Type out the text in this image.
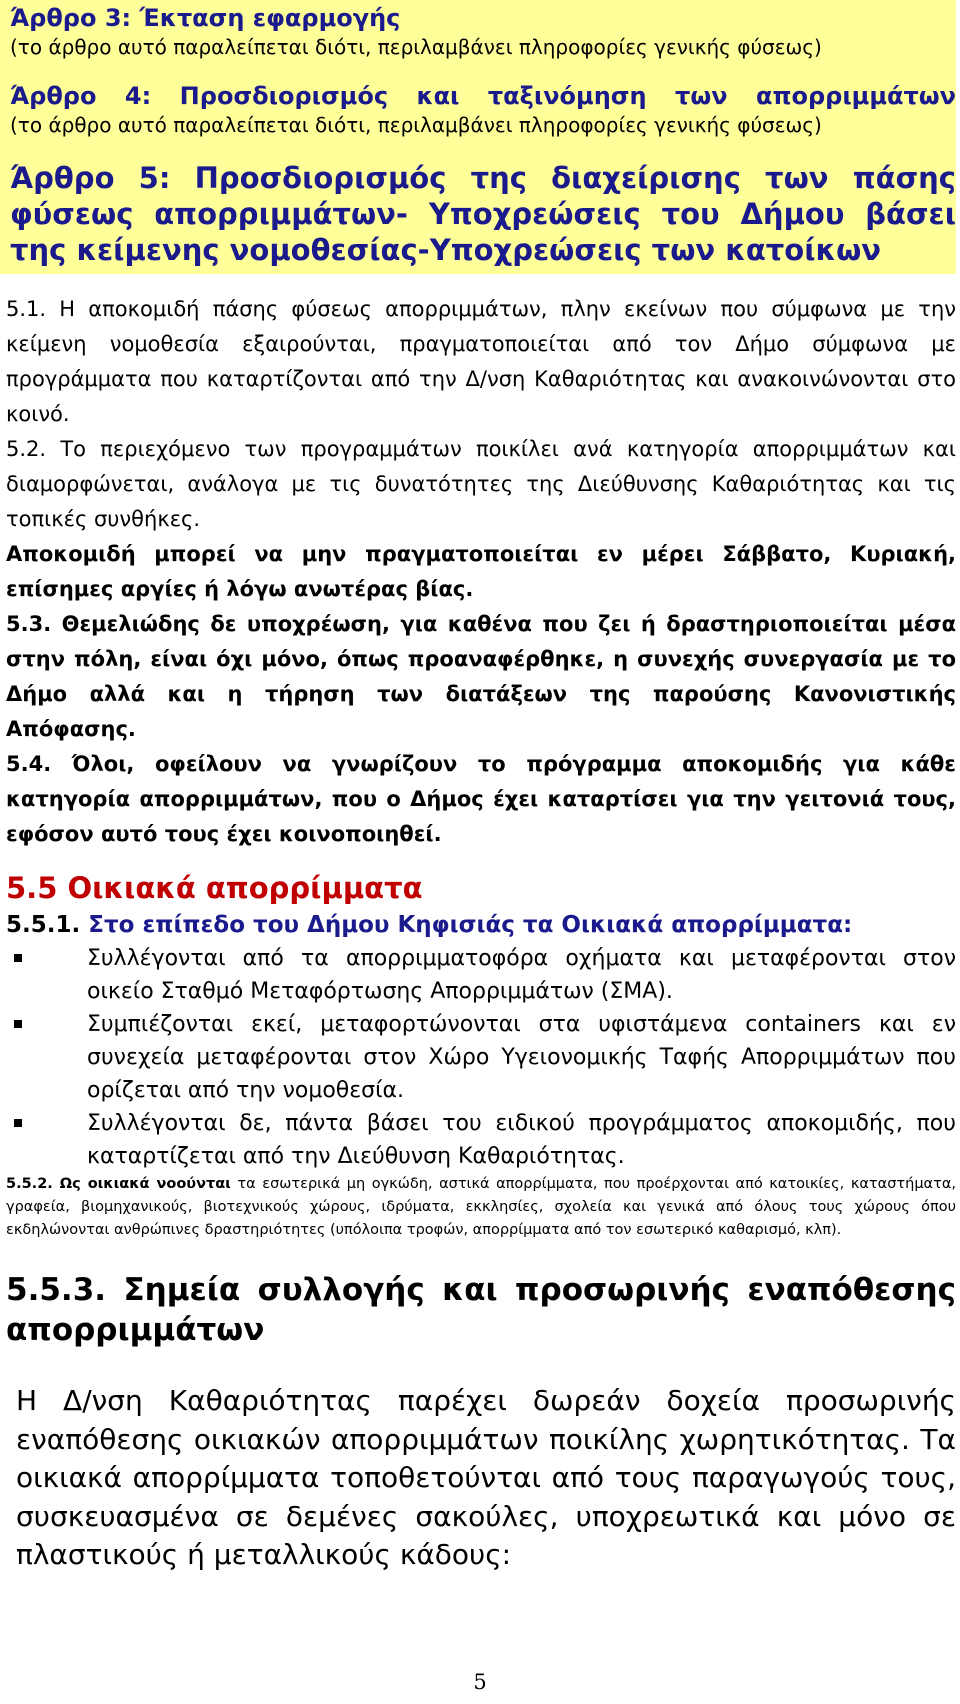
Άρθρο 3: Έκταση εφαρμογής

(το άρθρο αυτό παραλείπεται διότι, περιλαμβάνει πληροφορίες γενικής φύσεως)

Άρθρο 4: Προσδιορισμός και ταξινόμηση των απορριμμάτων

(το άρθρο αυτό παραλείπεται διότι, περιλαμβάνει πληροφορίες γενικής φύσεως)

Άρθρο 5: Προσδιορισμός της διαχείρισης των πάσης φύσεως απορριμμάτων- Υποχρεώσεις του Δήμου βάσει της κείμενης νομοθεσίας-Υποχρεώσεις των κατοίκων

5.1. Η αποκομιδή πάσης φύσεως απορριμμάτων, πλην εκείνων που σύμφωνα με την κείμενη νομοθεσία εξαιρούνται, πραγματοποιείται από τον Δήμο σύμφωνα με προγράμματα που καταρτίζονται από την Δ/νση Καθαριότητας και ανακοινώνονται στο κοινό.

5.2. Το περιεχόμενο των προγραμμάτων ποικίλει ανά κατηγορία απορριμμάτων και διαμορφώνεται, ανάλογα με τις δυνατότητες της Διεύθυνσης Καθαριότητας και τις τοπικές συνθήκες.

Αποκομιδή μπορεί να μην πραγματοποιείται εν μέρει Σάββατο, Κυριακή, επίσημες αργίες ή λόγω ανωτέρας βίας.

5.3. Θεμελιώδης δε υποχρέωση, για καθένα που ζει ή δραστηριοποιείται μέσα στην πόλη, είναι όχι μόνο, όπως προαναφέρθηκε, η συνεχής συνεργασία με το Δήμο αλλά και η τήρηση των διατάξεων της παρούσης Κανονιστικής Απόφασης.

5.4. Όλοι, οφείλουν να γνωρίζουν το πρόγραμμα αποκομιδής για κάθε κατηγορία απορριμμάτων, που ο Δήμος έχει καταρτίσει για την γειτονιά τους, εφόσον αυτό τους έχει κοινοποιηθεί.

5.5 Οικιακά απορρίμματα

5.5.1. Στο επίπεδο του Δήμου Κηφισιάς τα Οικιακά απορρίμματα:

Συλλέγονται από τα απορριμματοφόρα οχήματα και μεταφέρονται στον οικείο Σταθμό Μεταφόρτωσης Απορριμμάτων (ΣΜΑ).
Συμπιέζονται εκεί, μεταφορτώνονται στα υφιστάμενα containers και εν συνεχεία μεταφέρονται στον Χώρο Υγειονομικής Ταφής Απορριμμάτων που ορίζεται από την νομοθεσία.
Συλλέγονται δε, πάντα βάσει του ειδικού προγράμματος αποκομιδής, που καταρτίζεται από την Διεύθυνση Καθαριότητας.

5.5.2. Ως οικιακά νοούνται τα εσωτερικά μη ογκώδη, αστικά απορρίμματα, που προέρχονται από κατοικίες, καταστήματα, γραφεία, βιομηχανικούς, βιοτεχνικούς χώρους, ιδρύματα, εκκλησίες, σχολεία και γενικά από όλους τους χώρους όπου εκδηλώνονται ανθρώπινες δραστηριότητες (υπόλοιπα τροφών, απορρίμματα από τον εσωτερικό καθαρισμό, κλπ).

5.5.3. Σημεία συλλογής και προσωρινής εναπόθεσης απορριμμάτων

Η Δ/νση Καθαριότητας παρέχει δωρεάν δοχεία προσωρινής εναπόθεσης οικιακών απορριμμάτων ποικίλης χωρητικότητας. Τα οικιακά απορρίμματα τοποθετούνται από τους παραγωγούς τους, συσκευασμένα σε δεμένες σακούλες, υποχρεωτικά και μόνο σε πλαστικούς ή μεταλλικούς κάδους:

5
